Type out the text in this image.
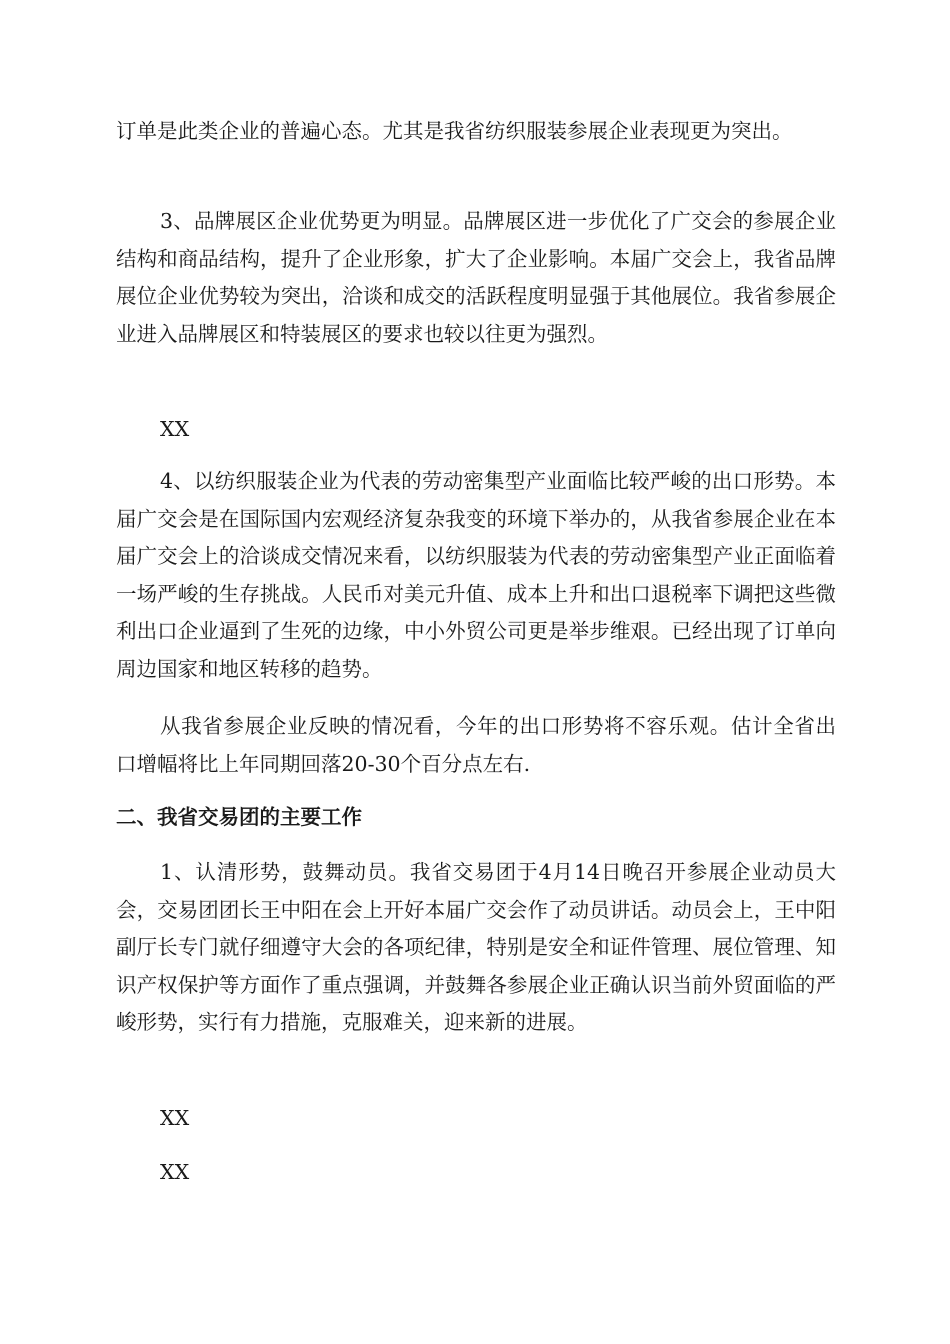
订单是此类企业的普遍心态。尤其是我省纺织服装参展企业表现更为突出。

3、品牌展区企业优势更为明显。品牌展区进一步优化了广交会的参展企业结构和商品结构，提升了企业形象，扩大了企业影响。本届广交会上，我省品牌展位企业优势较为突出，洽谈和成交的活跃程度明显强于其他展位。我省参展企业进入品牌展区和特装展区的要求也较以往更为强烈。

XX

4、以纺织服装企业为代表的劳动密集型产业面临比较严峻的出口形势。本届广交会是在国际国内宏观经济复杂我变的环境下举办的，从我省参展企业在本届广交会上的洽谈成交情况来看，以纺织服装为代表的劳动密集型产业正面临着一场严峻的生存挑战。人民币对美元升值、成本上升和出口退税率下调把这些微利出口企业逼到了生死的边缘，中小外贸公司更是举步维艰。已经出现了订单向周边国家和地区转移的趋势。

从我省参展企业反映的情况看，今年的出口形势将不容乐观。估计全省出口增幅将比上年同期回落20-30个百分点左右.

二、我省交易团的主要工作

1、认清形势，鼓舞动员。我省交易团于4月14日晚召开参展企业动员大会，交易团团长王中阳在会上开好本届广交会作了动员讲话。动员会上，王中阳副厅长专门就仔细遵守大会的各项纪律，特别是安全和证件管理、展位管理、知识产权保护等方面作了重点强调，并鼓舞各参展企业正确认识当前外贸面临的严峻形势，实行有力措施，克服难关，迎来新的进展。

XX

XX
